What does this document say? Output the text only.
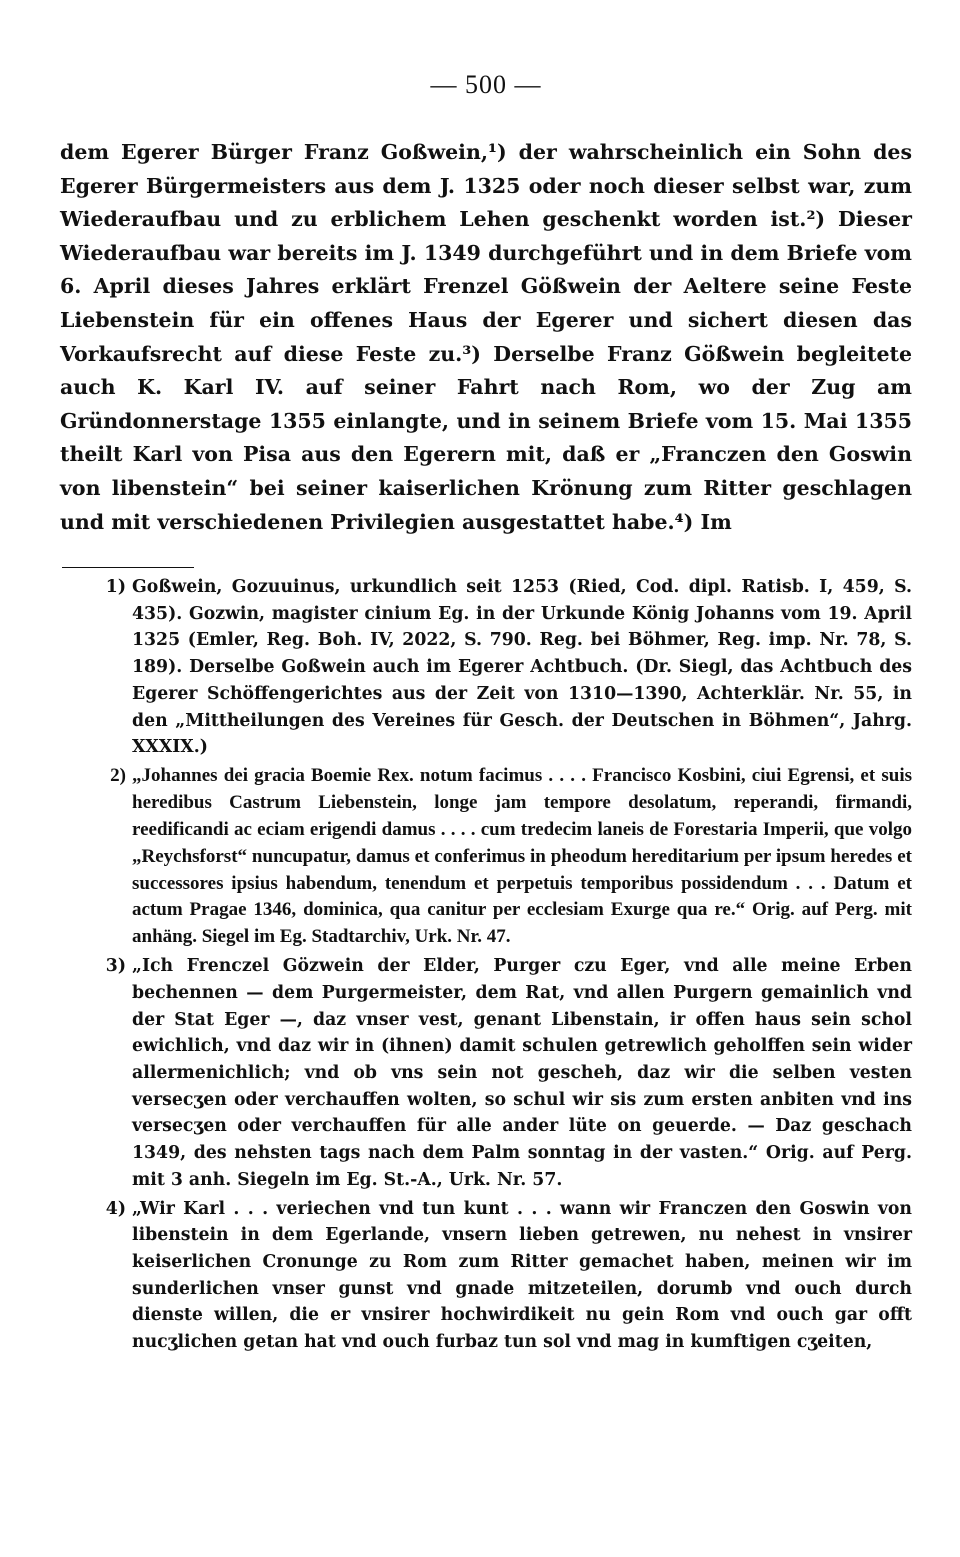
— 500 —
dem Egerer Bürger Franz Goßwein,¹) der wahrscheinlich ein Sohn des Egerer Bürgermeisters aus dem J. 1325 oder noch dieser selbst war, zum Wiederaufbau und zu erblichem Lehen geschenkt worden ist.²) Dieser Wiederaufbau war bereits im J. 1349 durchgeführt und in dem Briefe vom 6. April dieses Jahres erklärt Frenzel Gößwein der Aeltere seine Feste Liebenstein für ein offenes Haus der Egerer und sichert diesen das Vorkaufsrecht auf diese Feste zu.³) Derselbe Franz Gößwein begleitete auch K. Karl IV. auf seiner Fahrt nach Rom, wo der Zug am Gründonnerstage 1355 einlangte, und in seinem Briefe vom 15. Mai 1355 theilt Karl von Pisa aus den Egerern mit, daß er „Franczen den Goswin von libenstein“ bei seiner kaiserlichen Krönung zum Ritter geschlagen und mit verschiedenen Privilegien ausgestattet habe.⁴) Im
1) Goßwein, Gozuuinus, urkundlich seit 1253 (Ried, Cod. dipl. Ratisb. I, 459, S. 435). Gozwin, magister cinium Eg. in der Urkunde König Johanns vom 19. April 1325 (Emler, Reg. Boh. IV, 2022, S. 790. Reg. bei Böhmer, Reg. imp. Nr. 78, S. 189). Derselbe Goßwein auch im Egerer Achtbuch. (Dr. Siegl, das Achtbuch des Egerer Schöffengerichtes aus der Zeit von 1310—1390, Achterklär. Nr. 55, in den „Mittheilungen des Vereines für Gesch. der Deutschen in Böhmen“, Jahrg. XXXIX.)
2) „Johannes dei gracia Boemie Rex. notum facimus . . . . Francisco Kosbini, ciui Egrensi, et suis heredibus Castrum Liebenstein, longe jam tempore desolatum, reperandi, firmandi, reedificandi ac eciam erigendi damus . . . . cum tredecim laneis de Forestaria Imperii, que volgo „Reychsforst“ nuncupatur, damus et conferimus in pheodum hereditarium per ipsum heredes et successores ipsius habendum, tenendum et perpetuis temporibus possidendum . . . Datum et actum Pragae 1346, dominica, qua canitur per ecclesiam Exurge qua re.“ Orig. auf Perg. mit anhäng. Siegel im Eg. Stadtarchiv, Urk. Nr. 47.
3) „Ich Frenczel Gözwein der Elder, Purger czu Eger, vnd alle meine Erben bechennen — dem Purgermeister, dem Rat, vnd allen Purgern gemainlich vnd der Stat Eger —, daz vnser vest, genant Libenstain, ir offen haus sein schol ewichlich, vnd daz wir in (ihnen) damit schulen getrewlich geholffen sein wider allermenichlich; vnd ob vns sein not gescheh, daz wir die selben vesten versecʒen oder verchauffen wolten, so schul wir sis zum ersten anbiten vnd ins versecʒen oder verchauffen für alle ander lüte on geuerde. — Daz geschach 1349, des nehsten tags nach dem Palm sonntag in der vasten.“ Orig. auf Perg. mit 3 anh. Siegeln im Eg. St.-A., Urk. Nr. 57.
4) „Wir Karl . . . veriechen vnd tun kunt . . . wann wir Franczen den Goswin von libenstein in dem Egerlande, vnsern lieben getrewen, nu nehest in vnsirer keiserlichen Cronunge zu Rom zum Ritter gemachet haben, meinen wir im sunderlichen vnser gunst vnd gnade mitzeteilen, dorumb vnd ouch durch dienste willen, die er vnsirer hochwirdikeit nu gein Rom vnd ouch gar offt nucʒlichen getan hat vnd ouch furbaz tun sol vnd mag in kumftigen cʒeiten,
